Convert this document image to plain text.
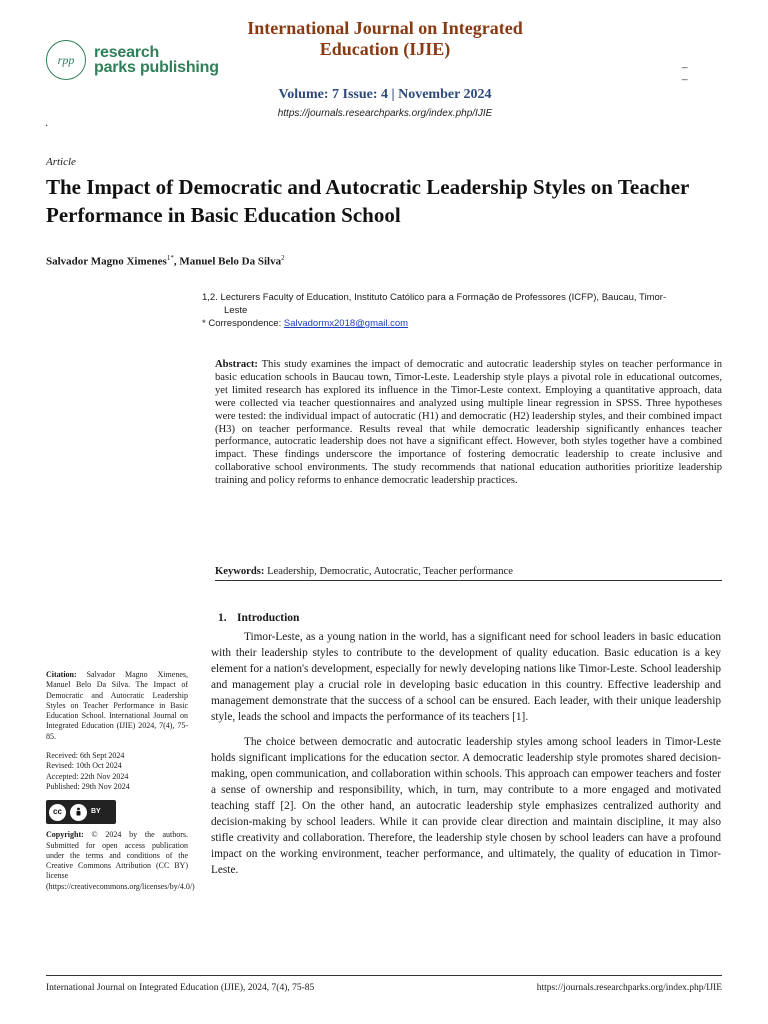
rpp	research
parks publishing
International Journal on Integrated Education (IJIE)
_
_
Volume: 7 Issue: 4 | November 2024
https://journals.researchparks.org/index.php/IJIE
.
Article
The Impact of Democratic and Autocratic Leadership Styles on Teacher Performance in Basic Education School
Salvador Magno Ximenes$^{1*}$, Manuel Belo Da Silva$^2$
1,2. Lecturers Faculty of Education, Instituto Católico para a Formação de Professores (ICFP), Baucau, Timor-
Leste
* Correspondence: Salvadormx2018@gmail.com
Abstract: This study examines the impact of democratic and autocratic leadership styles on teacher performance in basic education schools in Baucau town, Timor-Leste. Leadership style plays a pivotal role in educational outcomes, yet limited research has explored its influence in the Timor-Leste context. Employing a quantitative approach, data were collected via teacher questionnaires and analyzed using multiple linear regression in SPSS. Three hypotheses were tested: the individual impact of autocratic (H1) and democratic (H2) leadership styles, and their combined impact (H3) on teacher performance. Results reveal that while democratic leadership significantly enhances teacher performance, autocratic leadership does not have a significant effect. However, both styles together have a combined impact. These findings underscore the importance of fostering democratic leadership to create inclusive and collaborative school environments. The study recommends that national education authorities prioritize leadership training and policy reforms to enhance democratic leadership practices.
Keywords: Leadership, Democratic, Autocratic, Teacher performance

Citation: Salvador Magno Ximenes, Manuel Belo Da Silva. The Impact of Democratic and Autocratic Leadership Styles on Teacher Performance in Basic Education School. International Journal on Integrated Education (IJIE) 2024, 7(4), 75-85.

Received: 6th Sept 2024

Revised: 10th Oct 2024

Accepted: 22th Nov 2024

Published: 29th Nov 2024

cc	BY

Copyright: © 2024 by the authors. Submitted for open access publication under the terms and conditions of the Creative Commons Attribution (CC BY) license (https://creativecommons.org/licenses/by/4.0/)

1. Introduction

Timor-Leste, as a young nation in the world, has a significant need for school leaders in basic education with their leadership styles to contribute to the development of quality education. Basic education is a key element for a nation's development, especially for newly developing nations like Timor-Leste. School leadership and management play a crucial role in developing basic education in this country. Effective leadership and management demonstrate that the success of a school can be ensured. Each leader, with their unique leadership style, leads the school and impacts the performance of its teachers [1].

The choice between democratic and autocratic leadership styles among school leaders in Timor-Leste holds significant implications for the education sector. A democratic leadership style promotes shared decision-making, open communication, and collaboration within schools. This approach can empower teachers and foster a sense of ownership and responsibility, which, in turn, may contribute to a more engaged and motivated teaching staff [2]. On the other hand, an autocratic leadership style emphasizes centralized authority and decision-making by school leaders. While it can provide clear direction and maintain discipline, it may also stifle creativity and collaboration. Therefore, the leadership style chosen by school leaders can have a profound impact on the working environment, teacher performance, and ultimately, the quality of education in Timor-Leste.

International Journal on Integrated Education (IJIE), 2024, 7(4), 75-85	https://journals.researchparks.org/index.php/IJIE
